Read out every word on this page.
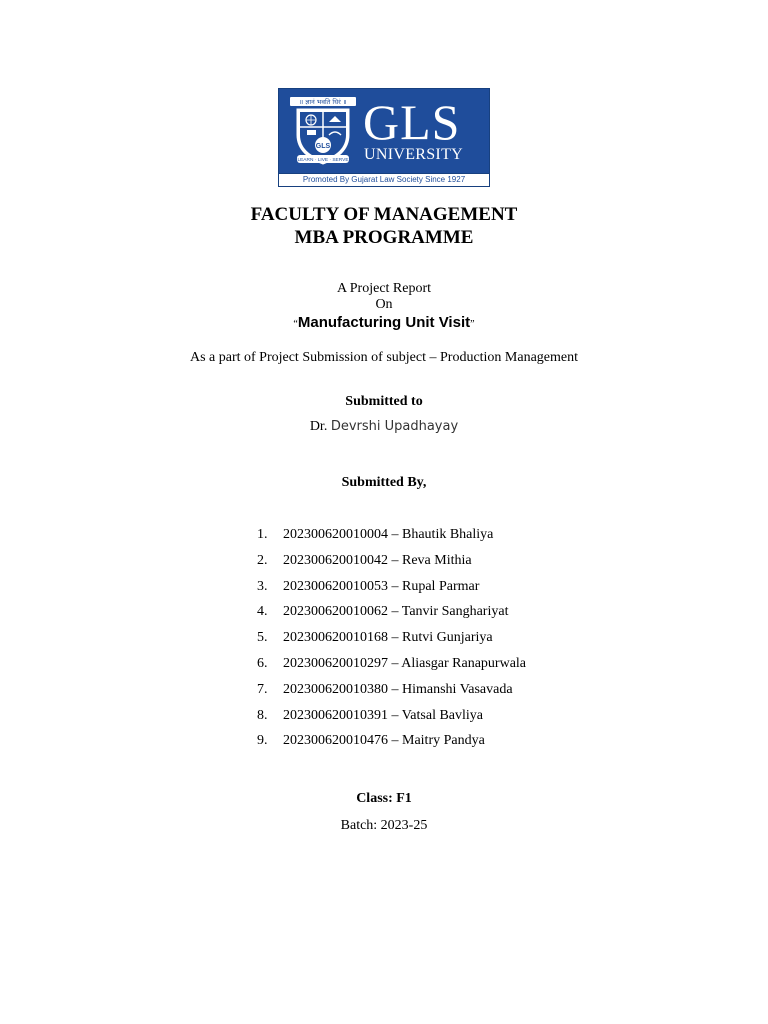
॥ ज्ञानं भवति धिरं ॥
GLS
LEARN · LIVE · SERVE
GLS
UNIVERSITY
Promoted By Gujarat Law Society Since 1927
FACULTY OF MANAGEMENT
MBA PROGRAMME
A Project Report
On
“Manufacturing Unit Visit”
As a part of Project Submission of subject – Production Management
Submitted to
Dr. Devrshi Upadhayay
Submitted By,
1. 202300620010004 – Bhautik Bhaliya
2. 202300620010042 – Reva Mithia
3. 202300620010053 – Rupal Parmar
4. 202300620010062 – Tanvir Sanghariyat
5. 202300620010168 – Rutvi Gunjariya
6. 202300620010297 – Aliasgar Ranapurwala
7. 202300620010380 – Himanshi Vasavada
8. 202300620010391 – Vatsal Bavliya
9. 202300620010476 – Maitry Pandya
Class: F1
Batch: 2023-25
